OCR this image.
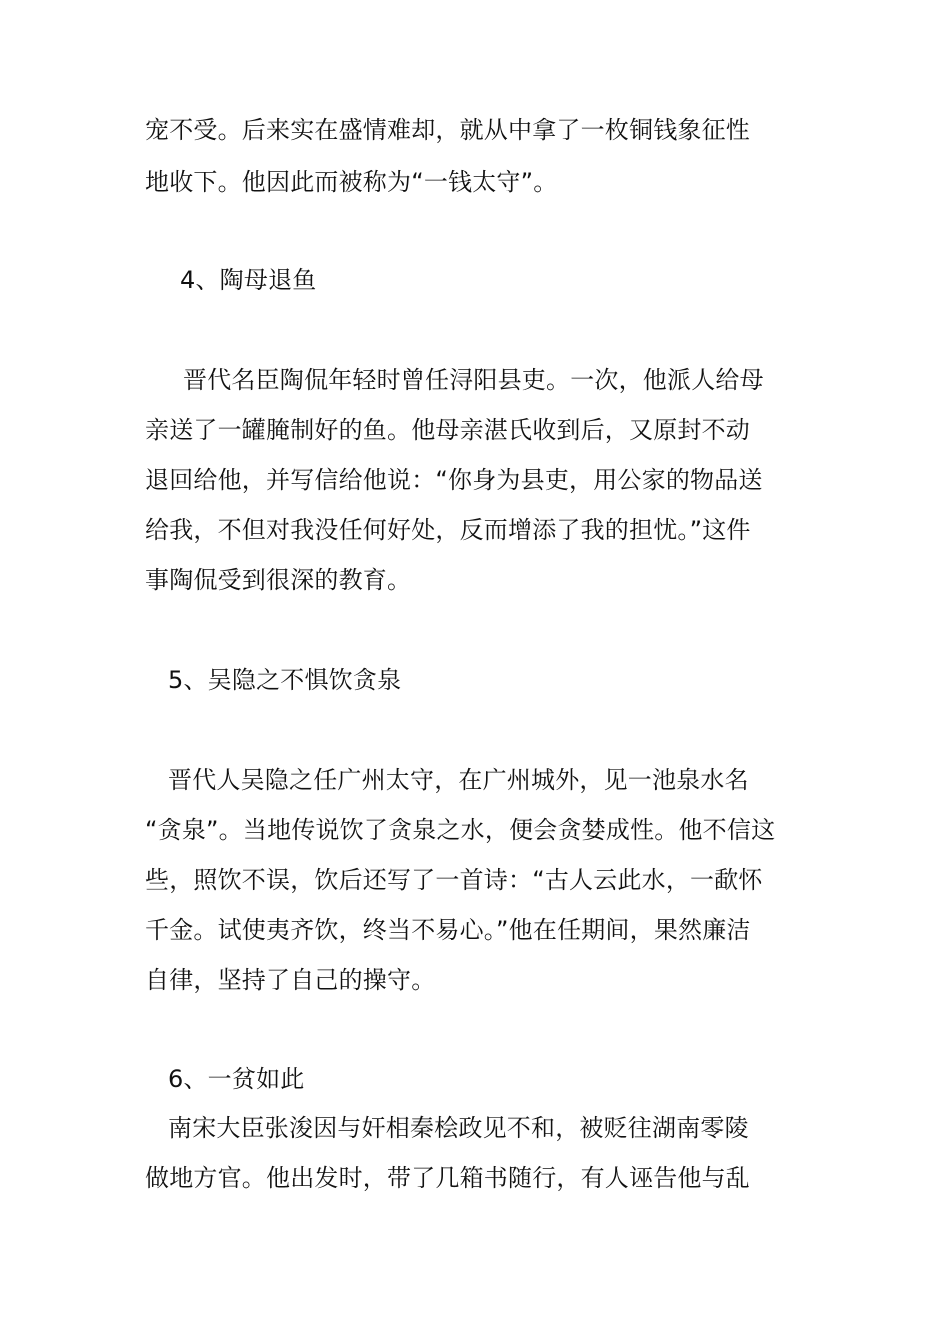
宠不受。后来实在盛情难却，就从中拿了一枚铜钱象征性
地收下。他因此而被称为“一钱太守”。
4、陶母退鱼
晋代名臣陶侃年轻时曾任浔阳县吏。一次，他派人给母
亲送了一罐腌制好的鱼。他母亲湛氏收到后，又原封不动
退回给他，并写信给他说：“你身为县吏，用公家的物品送
给我，不但对我没任何好处，反而增添了我的担忧。”这件
事陶侃受到很深的教育。
5、吴隐之不惧饮贪泉
晋代人吴隐之任广州太守，在广州城外，见一池泉水名
“贪泉”。当地传说饮了贪泉之水，便会贪婪成性。他不信这
些，照饮不误，饮后还写了一首诗：“古人云此水，一歃怀
千金。试使夷齐饮，终当不易心。”他在任期间，果然廉洁
自律，坚持了自己的操守。
6、一贫如此
南宋大臣张浚因与奸相秦桧政见不和，被贬往湖南零陵
做地方官。他出发时，带了几箱书随行，有人诬告他与乱
